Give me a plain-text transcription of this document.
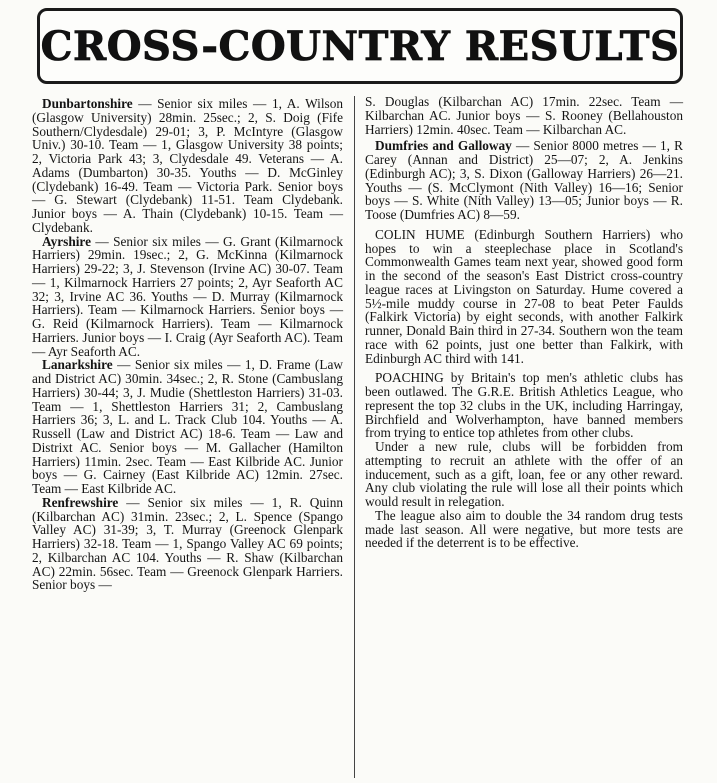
CROSS-COUNTRY RESULTS

Dunbartonshire — Senior six miles — 1, A. Wilson (Glasgow University) 28min. 25sec.; 2, S. Doig (Fife Southern/Clydesdale) 29-01; 3, P. McIntyre (Glasgow Univ.) 30-10. Team — 1, Glasgow University 38 points; 2, Victoria Park 43; 3, Clydesdale 49. Veterans — A. Adams (Dumbarton) 30-35. Youths — D. McGinley (Clydebank) 16-49. Team — Victoria Park. Senior boys — G. Stewart (Clydebank) 11-51. Team Clydebank. Junior boys — A. Thain (Clydebank) 10-15. Team — Clydebank.

Ayrshire — Senior six miles — G. Grant (Kilmarnock Harriers) 29min. 19sec.; 2, G. McKinna (Kilmarnock Harriers) 29-22; 3, J. Stevenson (Irvine AC) 30-07. Team — 1, Kilmarnock Harriers 27 points; 2, Ayr Seaforth AC 32; 3, Irvine AC 36. Youths — D. Murray (Kilmarnock Harriers). Team — Kilmarnock Harriers. Senior boys — G. Reid (Kilmarnock Harriers). Team — Kilmarnock Harriers. Junior boys — I. Craig (Ayr Seaforth AC). Team — Ayr Seaforth AC.

Lanarkshire — Senior six miles — 1, D. Frame (Law and District AC) 30min. 34sec.; 2, R. Stone (Cambuslang Harriers) 30-44; 3, J. Mudie (Shettleston Harriers) 31-03. Team — 1, Shettleston Harriers 31; 2, Cambuslang Harriers 36; 3, L. and L. Track Club 104. Youths — A. Russell (Law and District AC) 18-6. Team — Law and Distrixt AC. Senior boys — M. Gallacher (Hamilton Harriers) 11min. 2sec. Team — East Kilbride AC. Junior boys — G. Cairney (East Kilbride AC) 12min. 27sec. Team — East Kilbride AC.

Renfrewshire — Senior six miles — 1, R. Quinn (Kilbarchan AC) 31min. 23sec.; 2, L. Spence (Spango Valley AC) 31-39; 3, T. Murray (Greenock Glenpark Harriers) 32-18. Team — 1, Spango Valley AC 69 points; 2, Kilbarchan AC 104. Youths — R. Shaw (Kilbarchan AC) 22min. 56sec. Team — Greenock Glenpark Harriers. Senior boys —

S. Douglas (Kilbarchan AC) 17min. 22sec. Team — Kilbarchan AC. Junior boys — S. Rooney (Bellahouston Harriers) 12min. 40sec. Team — Kilbarchan AC.

Dumfries and Galloway — Senior 8000 metres — 1, R Carey (Annan and District) 25—07; 2, A. Jenkins (Edinburgh AC); 3, S. Dixon (Galloway Harriers) 26—21. Youths — (S. McClymont (Nith Valley) 16—16; Senior boys — S. White (Nith Valley) 13—05; Junior boys — R. Toose (Dumfries AC) 8—59.

COLIN HUME (Edinburgh Southern Harriers) who hopes to win a steeplechase place in Scotland's Commonwealth Games team next year, showed good form in the second of the season's East District cross-country league races at Livingston on Saturday. Hume covered a 5½-mile muddy course in 27-08 to beat Peter Faulds (Falkirk Victoria) by eight seconds, with another Falkirk runner, Donald Bain third in 27-34. Southern won the team race with 62 points, just one better than Falkirk, with Edinburgh AC third with 141.

POACHING by Britain's top men's athletic clubs has been outlawed. The G.R.E. British Athletics League, who represent the top 32 clubs in the UK, including Harringay, Birchfield and Wolverhampton, have banned members from trying to entice top athletes from other clubs.

Under a new rule, clubs will be forbidden from attempting to recruit an athlete with the offer of an inducement, such as a gift, loan, fee or any other reward. Any club violating the rule will lose all their points which would result in relegation.

The league also aim to double the 34 random drug tests made last season. All were negative, but more tests are needed if the deterrent is to be effective.
